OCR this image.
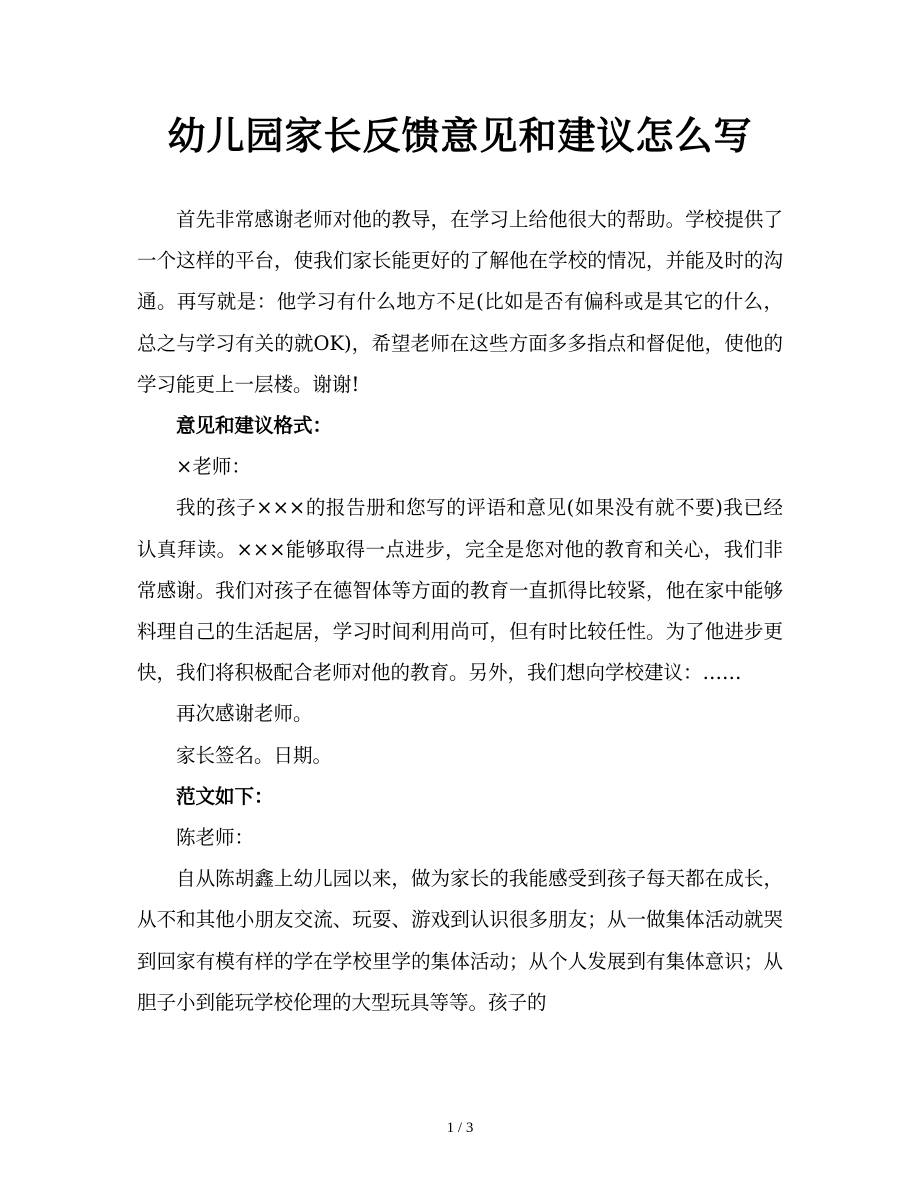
幼儿园家长反馈意见和建议怎么写

首先非常感谢老师对他的教导，在学习上给他很大的帮助。学校提供了一个这样的平台，使我们家长能更好的了解他在学校的情况，并能及时的沟通。再写就是：他学习有什么地方不足(比如是否有偏科或是其它的什么，总之与学习有关的就OK)，希望老师在这些方面多多指点和督促他，使他的学习能更上一层楼。谢谢!

意见和建议格式：

×老师：

我的孩子×××的报告册和您写的评语和意见(如果没有就不要)我已经认真拜读。×××能够取得一点进步，完全是您对他的教育和关心，我们非常感谢。我们对孩子在德智体等方面的教育一直抓得比较紧，他在家中能够料理自己的生活起居，学习时间利用尚可，但有时比较任性。为了他进步更快，我们将积极配合老师对他的教育。另外，我们想向学校建议：……

再次感谢老师。

家长签名。日期。

范文如下：

陈老师：

自从陈胡鑫上幼儿园以来，做为家长的我能感受到孩子每天都在成长，从不和其他小朋友交流、玩耍、游戏到认识很多朋友；从一做集体活动就哭到回家有模有样的学在学校里学的集体活动；从个人发展到有集体意识；从胆子小到能玩学校伦理的大型玩具等等。孩子的

1 / 3
